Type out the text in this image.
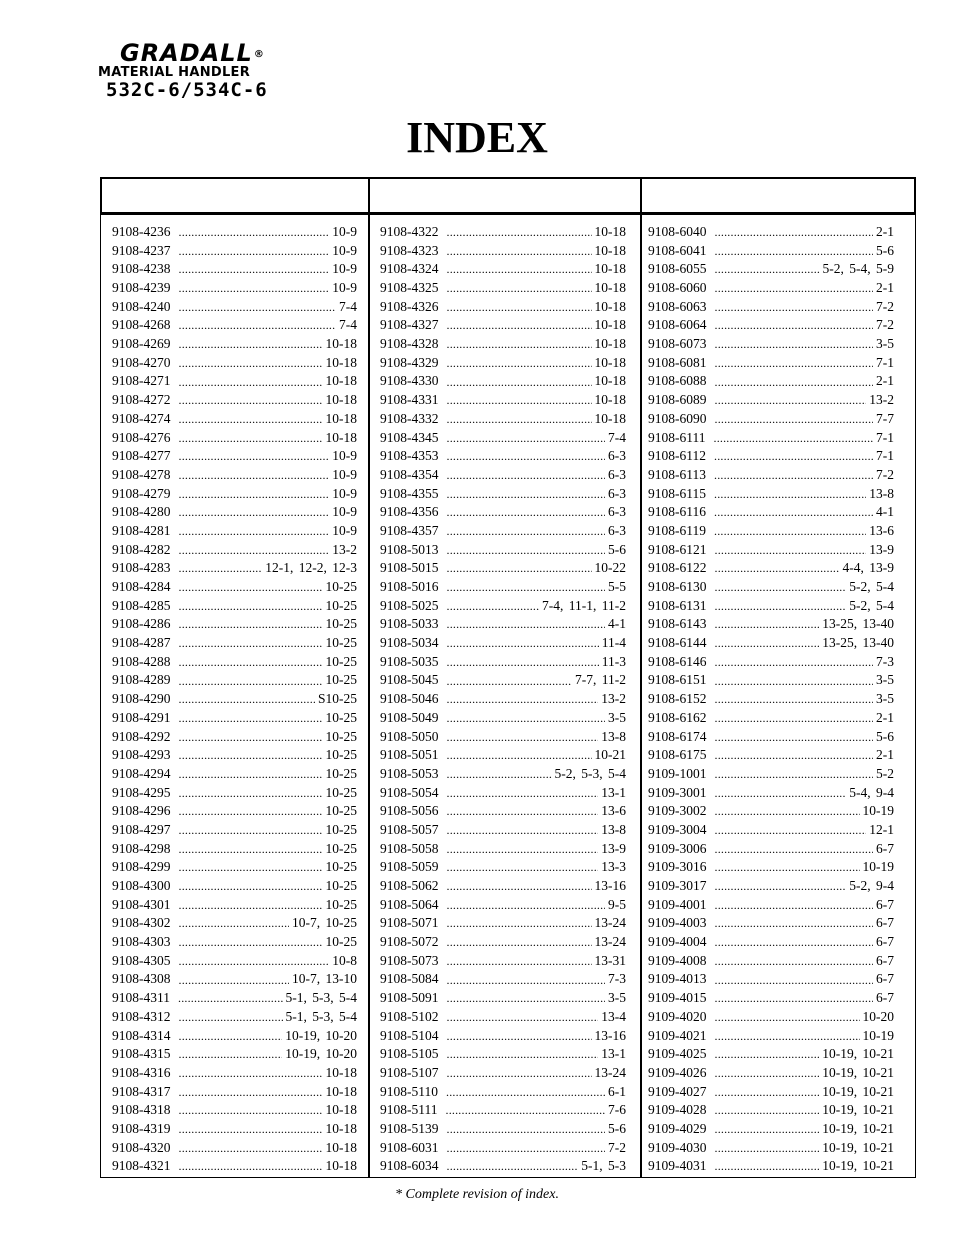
GRADALL®
MATERIAL HANDLER
532C-6/534C-6
INDEX
9108-4236 .....	10-9
9108-4237 .....	10-9
9108-4238 .....	10-9
9108-4239 .....	10-9
9108-4240 .....	7-4
9108-4268 .....	7-4
9108-4269 .....	10-18
9108-4270 .....	10-18
9108-4271 .....	10-18
9108-4272 .....	10-18
9108-4274 .....	10-18
9108-4276 .....	10-18
9108-4277 .....	10-9
9108-4278 .....	10-9
9108-4279 .....	10-9
9108-4280 .....	10-9
9108-4281 .....	10-9
9108-4282 .....	13-2
9108-4283 .....	12-1, 12-2, 12-3
9108-4284 .....	10-25
9108-4285 .....	10-25
9108-4286 .....	10-25
9108-4287 .....	10-25
9108-4288 .....	10-25
9108-4289 .....	10-25
9108-4290 .....	S10-25
9108-4291 .....	10-25
9108-4292 .....	10-25
9108-4293 .....	10-25
9108-4294 .....	10-25
9108-4295 .....	10-25
9108-4296 .....	10-25
9108-4297 .....	10-25
9108-4298 .....	10-25
9108-4299 .....	10-25
9108-4300 .....	10-25
9108-4301 .....	10-25
9108-4302 .....	10-7, 10-25
9108-4303 .....	10-25
9108-4305 .....	10-8
9108-4308 .....	10-7, 13-10
9108-4311 .....	5-1, 5-3, 5-4
9108-4312 .....	5-1, 5-3, 5-4
9108-4314 .....	10-19, 10-20
9108-4315 .....	10-19, 10-20
9108-4316 .....	10-18
9108-4317 .....	10-18
9108-4318 .....	10-18
9108-4319 .....	10-18
9108-4320 .....	10-18
9108-4321 .....	10-18
9108-4322 .....	10-18
9108-4323 .....	10-18
9108-4324 .....	10-18
9108-4325 .....	10-18
9108-4326 .....	10-18
9108-4327 .....	10-18
9108-4328 .....	10-18
9108-4329 .....	10-18
9108-4330 .....	10-18
9108-4331 .....	10-18
9108-4332 .....	10-18
9108-4345 .....	7-4
9108-4353 .....	6-3
9108-4354 .....	6-3
9108-4355 .....	6-3
9108-4356 .....	6-3
9108-4357 .....	6-3
9108-5013 .....	5-6
9108-5015 .....	10-22
9108-5016 .....	5-5
9108-5025 .....	7-4, 11-1, 11-2
9108-5033 .....	4-1
9108-5034 .....	11-4
9108-5035 .....	11-3
9108-5045 .....	7-7, 11-2
9108-5046 .....	13-2
9108-5049 .....	3-5
9108-5050 .....	13-8
9108-5051 .....	10-21
9108-5053 .....	5-2, 5-3, 5-4
9108-5054 .....	13-1
9108-5056 .....	13-6
9108-5057 .....	13-8
9108-5058 .....	13-9
9108-5059 .....	13-3
9108-5062 .....	13-16
9108-5064 .....	9-5
9108-5071 .....	13-24
9108-5072 .....	13-24
9108-5073 .....	13-31
9108-5084 .....	7-3
9108-5091 .....	3-5
9108-5102 .....	13-4
9108-5104 .....	13-16
9108-5105 .....	13-1
9108-5107 .....	13-24
9108-5110 .....	6-1
9108-5111 .....	7-6
9108-5139 .....	5-6
9108-6031 .....	7-2
9108-6034 .....	5-1, 5-3
9108-6040 .....	2-1
9108-6041 .....	5-6
9108-6055 .....	5-2, 5-4, 5-9
9108-6060 .....	2-1
9108-6063 .....	7-2
9108-6064 .....	7-2
9108-6073 .....	3-5
9108-6081 .....	7-1
9108-6088 .....	2-1
9108-6089 .....	13-2
9108-6090 .....	7-7
9108-6111 .....	7-1
9108-6112 .....	7-1
9108-6113 .....	7-2
9108-6115 .....	13-8
9108-6116 .....	4-1
9108-6119 .....	13-6
9108-6121 .....	13-9
9108-6122 .....	4-4, 13-9
9108-6130 .....	5-2, 5-4
9108-6131 .....	5-2, 5-4
9108-6143 .....	13-25, 13-40
9108-6144 .....	13-25, 13-40
9108-6146 .....	7-3
9108-6151 .....	3-5
9108-6152 .....	3-5
9108-6162 .....	2-1
9108-6174 .....	5-6
9108-6175 .....	2-1
9109-1001 .....	5-2
9109-3001 .....	5-4, 9-4
9109-3002 .....	10-19
9109-3004 .....	12-1
9109-3006 .....	6-7
9109-3016 .....	10-19
9109-3017 .....	5-2, 9-4
9109-4001 .....	6-7
9109-4003 .....	6-7
9109-4004 .....	6-7
9109-4008 .....	6-7
9109-4013 .....	6-7
9109-4015 .....	6-7
9109-4020 .....	10-20
9109-4021 .....	10-19
9109-4025 .....	10-19, 10-21
9109-4026 .....	10-19, 10-21
9109-4027 .....	10-19, 10-21
9109-4028 .....	10-19, 10-21
9109-4029 .....	10-19, 10-21
9109-4030 .....	10-19, 10-21
9109-4031 .....	10-19, 10-21
* Complete revision of index.
